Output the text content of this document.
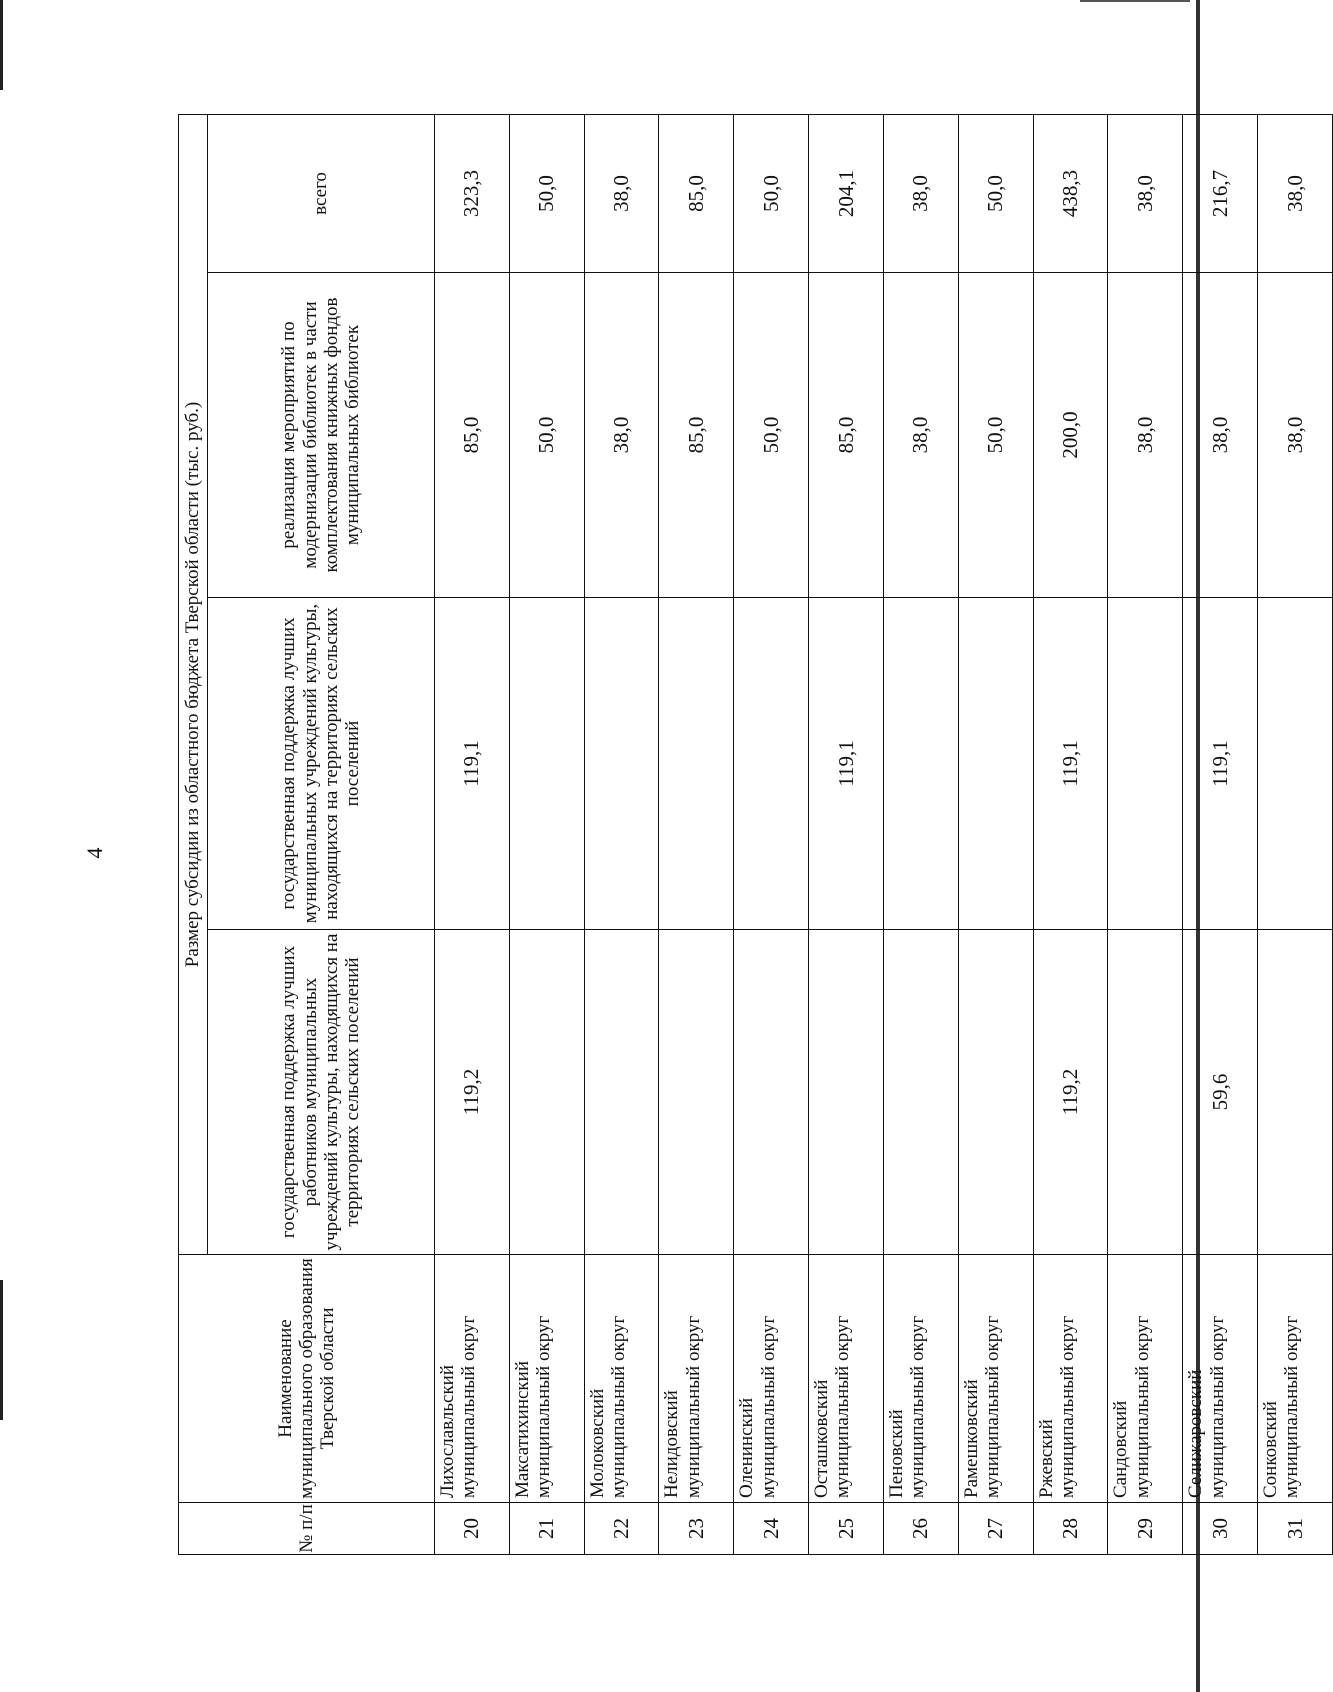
4
№ п/п	Наименование муниципального образования Тверской области	Размер субсидии из областного бюджета Тверской области (тыс. руб.)			
		государственная поддержка лучших работников муниципальных учреждений культуры, находящихся на территориях сельских поселений	государственная поддержка лучших муниципальных учреждений культуры, находящихся на территориях сельских поселений	реализация мероприятий по модернизации библиотек в части комплектования книжных фондов муниципальных библиотек	всего
20	Лихославльский муниципальный округ	119,2	119,1	85,0	323,3
21	Максатихинский муниципальный округ			50,0	50,0
22	Молоковский муниципальный округ			38,0	38,0
23	Нелидовский муниципальный округ			85,0	85,0
24	Оленинский муниципальный округ			50,0	50,0
25	Осташковский муниципальный округ		119,1	85,0	204,1
26	Пеновский муниципальный округ			38,0	38,0
27	Рамешковский муниципальный округ			50,0	50,0
28	Ржевский муниципальный округ	119,2	119,1	200,0	438,3
29	Сандовский муниципальный округ			38,0	38,0
30	Селижаровский муниципальный округ	59,6	119,1	38,0	216,7
31	Сонковский муниципальный округ			38,0	38,0
